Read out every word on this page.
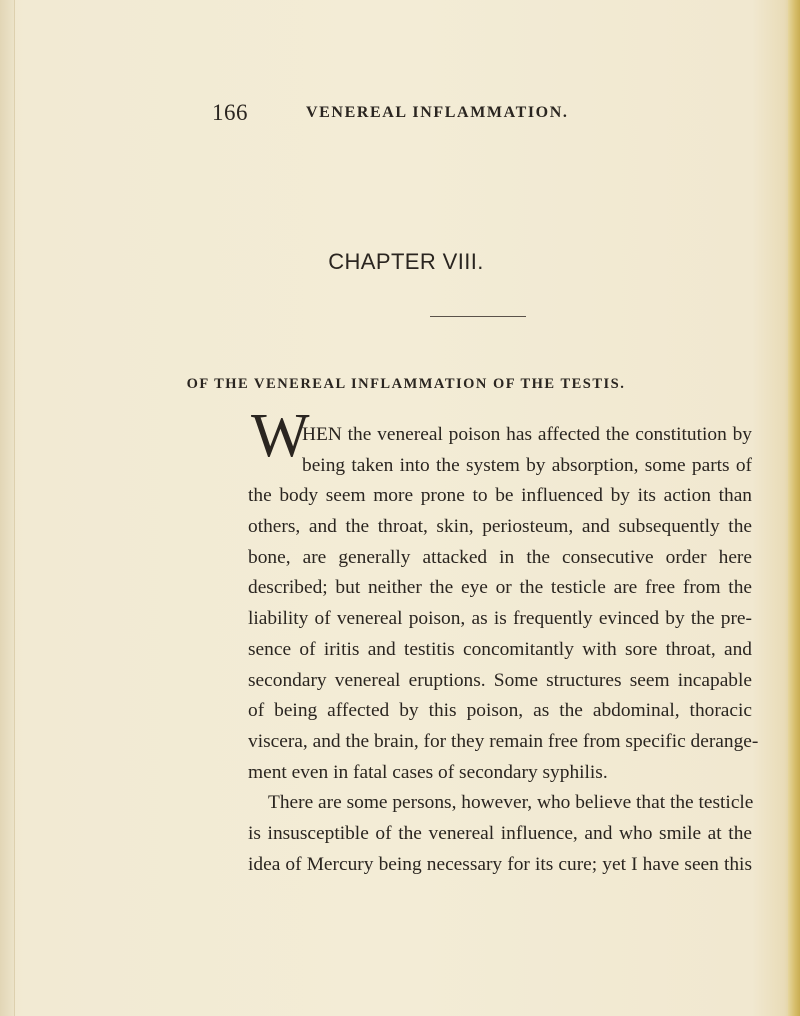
166	VENEREAL INFLAMMATION.
CHAPTER VIII.
OF THE VENEREAL INFLAMMATION OF THE TESTIS.
W
HEN the venereal poison has affected the constitution by
being taken into the system by absorption, some parts of
the body seem more prone to be influenced by its action than
others, and the throat, skin, periosteum, and subsequently the
bone, are generally attacked in the consecutive order here
described; but neither the eye or the testicle are free from the
liability of venereal poison, as is frequently evinced by the pre-
sence of iritis and testitis concomitantly with sore throat, and
secondary venereal eruptions. Some structures seem incapable
of being affected by this poison, as the abdominal, thoracic
viscera, and the brain, for they remain free from specific derange-
ment even in fatal cases of secondary syphilis.
There are some persons, however, who believe that the testicle
is insusceptible of the venereal influence, and who smile at the
idea of Mercury being necessary for its cure; yet I have seen this
